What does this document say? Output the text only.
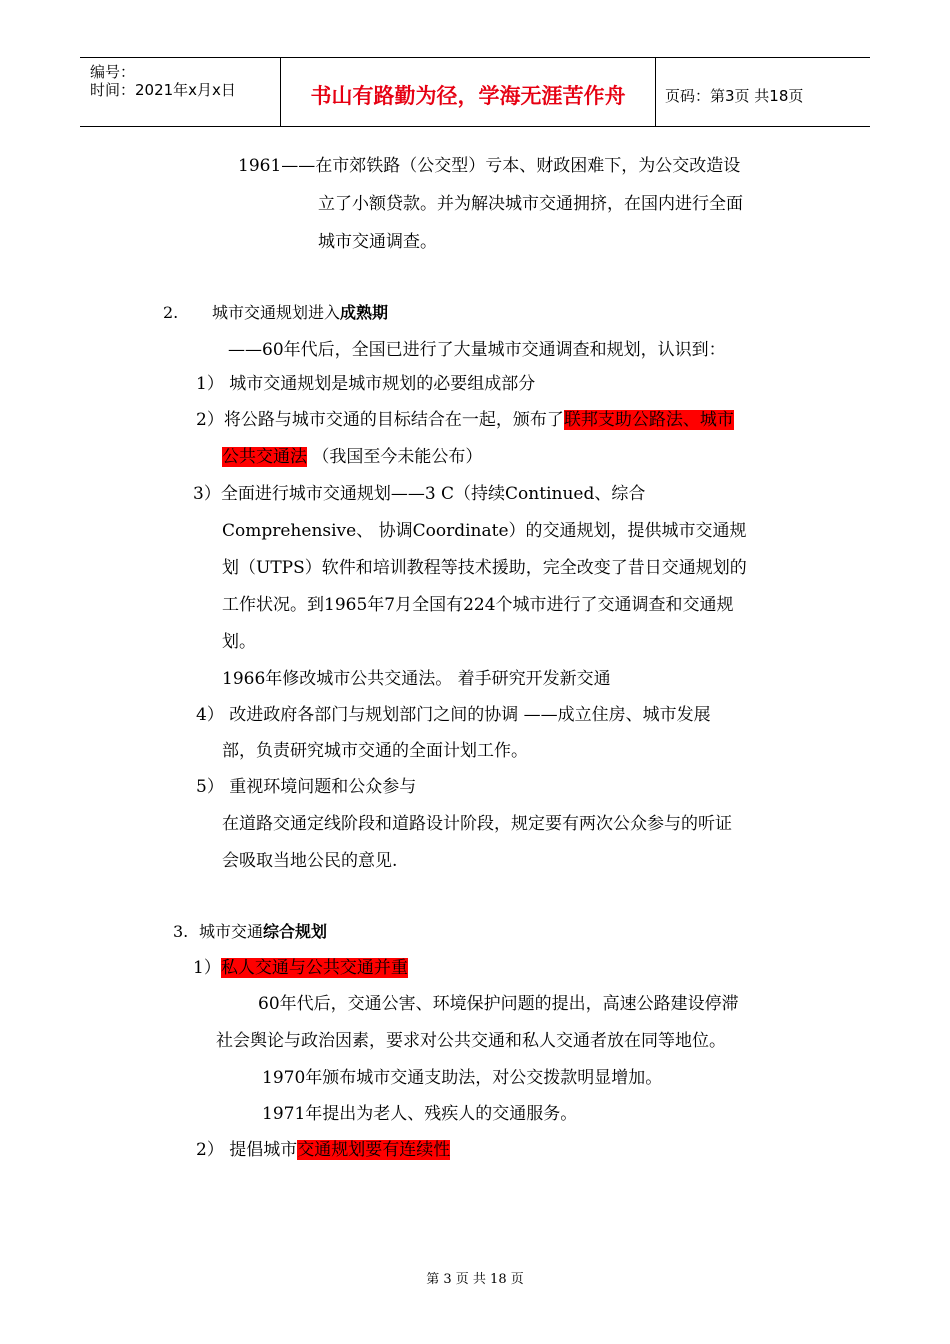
编号：
时间：2021年x月x日	书山有路勤为径，学海无涯苦作舟	页码：第3页 共18页
1961——在市郊铁路（公交型）亏本、财政困难下，为公交改造设
立了小额贷款。并为解决城市交通拥挤，在国内进行全面
城市交通调查。
2. 城市交通规划进入成熟期
——60年代后，全国已进行了大量城市交通调查和规划，认识到：
1） 城市交通规划是城市规划的必要组成部分
2）将公路与城市交通的目标结合在一起，颁布了联邦支助公路法、城市
公共交通法 （我国至今未能公布）
3）全面进行城市交通规划——3 C（持续Continued、综合
Comprehensive、 协调Coordinate）的交通规划，提供城市交通规
划（UTPS）软件和培训教程等技术援助，完全改变了昔日交通规划的
工作状况。到1965年7月全国有224个城市进行了交通调查和交通规
划。
1966年修改城市公共交通法。 着手研究开发新交通
4） 改进政府各部门与规划部门之间的协调 ——成立住房、城市发展
部，负责研究城市交通的全面计划工作。
5） 重视环境问题和公众参与
在道路交通定线阶段和道路设计阶段，规定要有两次公众参与的听证
会吸取当地公民的意见.
3. 城市交通综合规划
1）私人交通与公共交通并重
60年代后，交通公害、环境保护问题的提出，高速公路建设停滞
社会舆论与政治因素，要求对公共交通和私人交通者放在同等地位。
1970年颁布城市交通支助法，对公交拨款明显增加。
1971年提出为老人、残疾人的交通服务。
2） 提倡城市交通规划要有连续性
第 3 页 共 18 页
